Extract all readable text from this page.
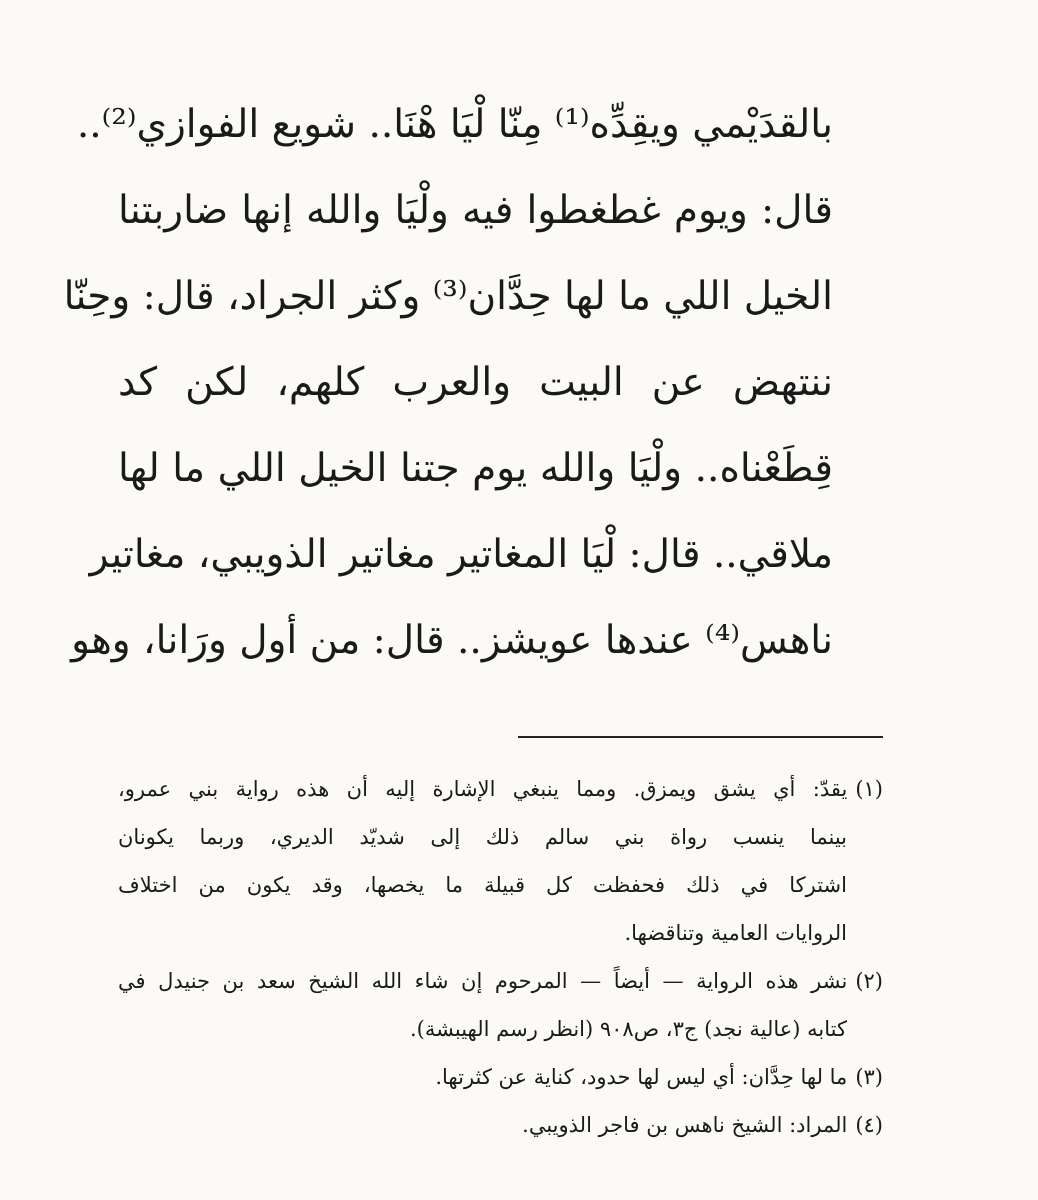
بالقدَيْمي ويقِدِّه⁽¹⁾ مِنّا لْيَا هْنَا.. شويع الفوازي⁽²⁾..
قال: ويوم غطغطوا فيه ولْيَا والله إنها ضاربتنا
الخيل اللي ما لها حِدَّان⁽³⁾ وكثر الجراد، قال: وحِنّا
ننتهض عن البيت والعرب كلهم، لكن كد
قِطَعْناه.. ولْيَا والله يوم جتنا الخيل اللي ما لها
ملاقي.. قال: لْيَا المغاتير مغاتير الذويبي، مغاتير
ناهس⁽⁴⁾ عندها عويشز.. قال: من أول ورَانا، وهو
(١)يقدّ: أي يشق ويمزق. ومما ينبغي الإشارة إليه أن هذه رواية بني عمرو،
بينما ينسب رواة بني سالم ذلك إلى شديّد الديري، وربما يكونان
اشتركا في ذلك فحفظت كل قبيلة ما يخصها، وقد يكون من اختلاف
الروايات العامية وتناقضها.
(٢)نشر هذه الرواية — أيضاً — المرحوم إن شاء الله الشيخ سعد بن جنيدل في
كتابه (عالية نجد) ج٣، ص٩٠٨ (انظر رسم الهيبشة).
(٣)ما لها حِدَّان: أي ليس لها حدود، كناية عن كثرتها.
(٤)المراد: الشيخ ناهس بن فاجر الذويبي.
